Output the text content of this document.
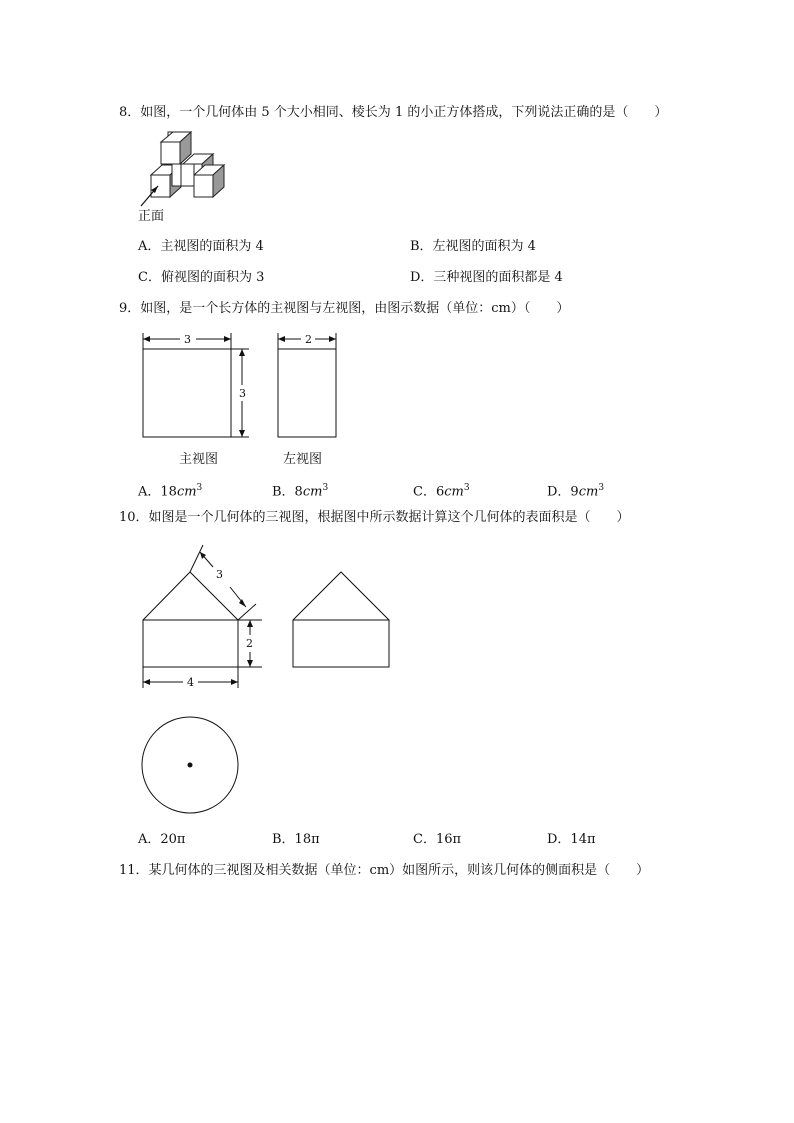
8．如图，一个几何体由 5 个大小相同、棱长为 1 的小正方体搭成，下列说法正确的是（　　）
正面
A．主视图的面积为 4	B．左视图的面积为 4
C．俯视图的面积为 3	D．三种视图的面积都是 4
9．如图，是一个长方体的主视图与左视图，由图示数据（单位：cm）（　　）
3
3
2
主视图	左视图
A．$18cm^3$	B．$8cm^3$	C．$6cm^3$	D．$9cm^3$
10．如图是一个几何体的三视图，根据图中所示数据计算这个几何体的表面积是（　　）
3
2
4
A．20π	B．18π	C．16π	D．14π
11．某几何体的三视图及相关数据（单位：cm）如图所示，则该几何体的侧面积是（　　）
